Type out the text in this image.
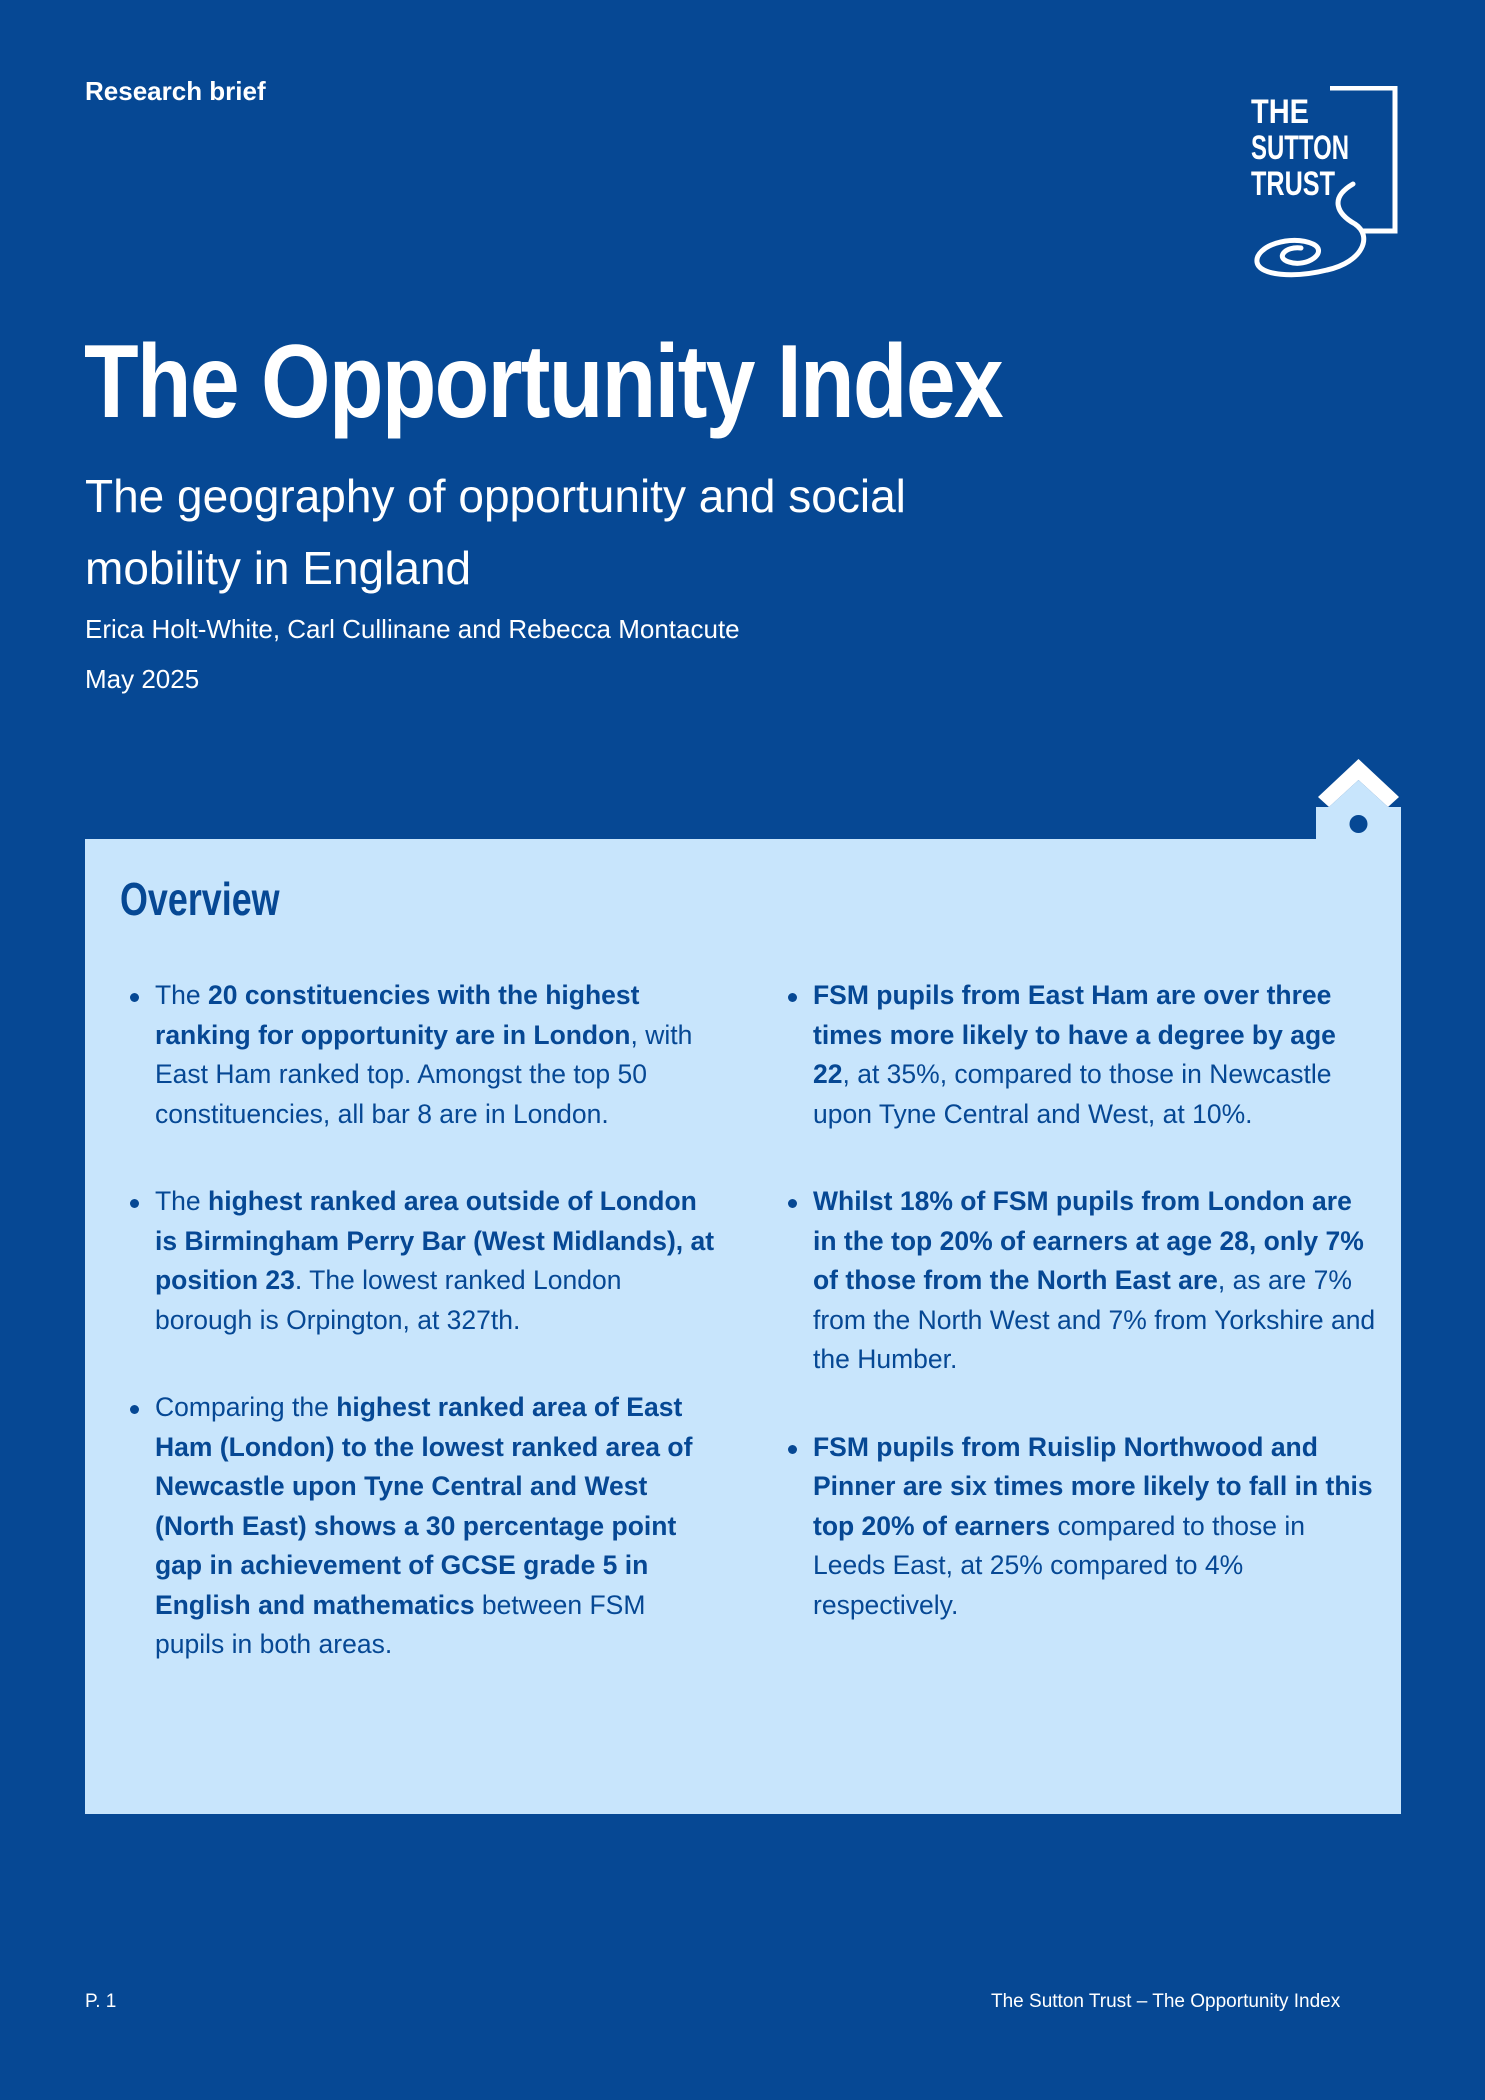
Research brief
THE
SUTTON
TRUST
The Opportunity Index
The geography of opportunity and social mobility in England
Erica Holt-White, Carl Cullinane and Rebecca Montacute
May 2025
Overview
The 20 constituencies with the highest ranking for opportunity are in London, with East Ham ranked top. Amongst the top 50 constituencies, all bar 8 are in London.
The highest ranked area outside of London is Birmingham Perry Bar (West Midlands), at position 23. The lowest ranked London borough is Orpington, at 327th.
Comparing the highest ranked area of East Ham (London) to the lowest ranked area of Newcastle upon Tyne Central and West (North East) shows a 30 percentage point gap in achievement of GCSE grade 5 in English and mathematics between FSM pupils in both areas.
FSM pupils from East Ham are over three times more likely to have a degree by age 22, at 35%, compared to those in Newcastle upon Tyne Central and West, at 10%.
Whilst 18% of FSM pupils from London are in the top 20% of earners at age 28, only 7% of those from the North East are, as are 7% from the North West and 7% from Yorkshire and the Humber.
FSM pupils from Ruislip Northwood and Pinner are six times more likely to fall in this top 20% of earners compared to those in Leeds East, at 25% compared to 4% respectively.
P. 1	The Sutton Trust – The Opportunity Index
